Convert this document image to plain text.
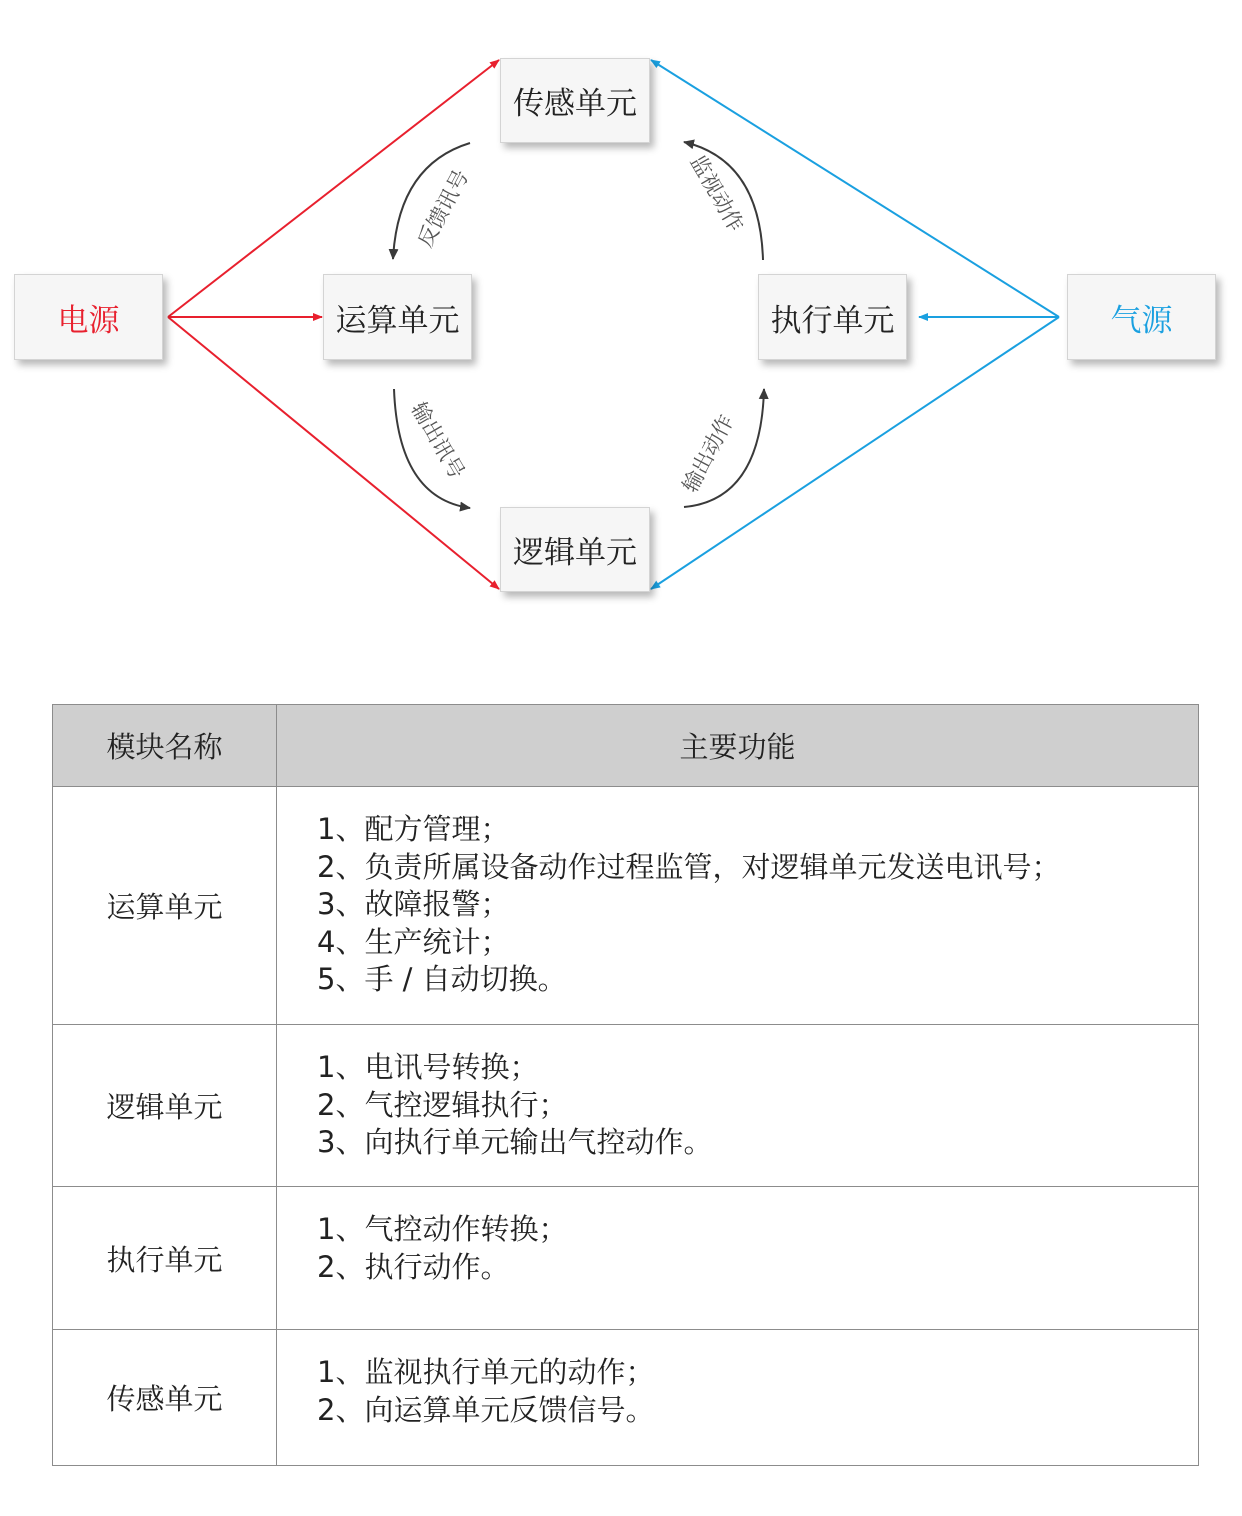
反馈讯号
输出讯号	输出动作
监视动作
电源	气源
传感单元
运算单元	执行单元
逻辑单元
模块名称	主要功能
运算单元	1、配方管理；
2、负责所属设备动作过程监管，对逻辑单元发送电讯号；
3、故障报警；
4、生产统计；
5、手 / 自动切换。

逻辑单元	1、电讯号转换；
2、气控逻辑执行；
3、向执行单元输出气控动作。

执行单元	1、气控动作转换；
2、执行动作。

传感单元	1、监视执行单元的动作；
2、向运算单元反馈信号。
